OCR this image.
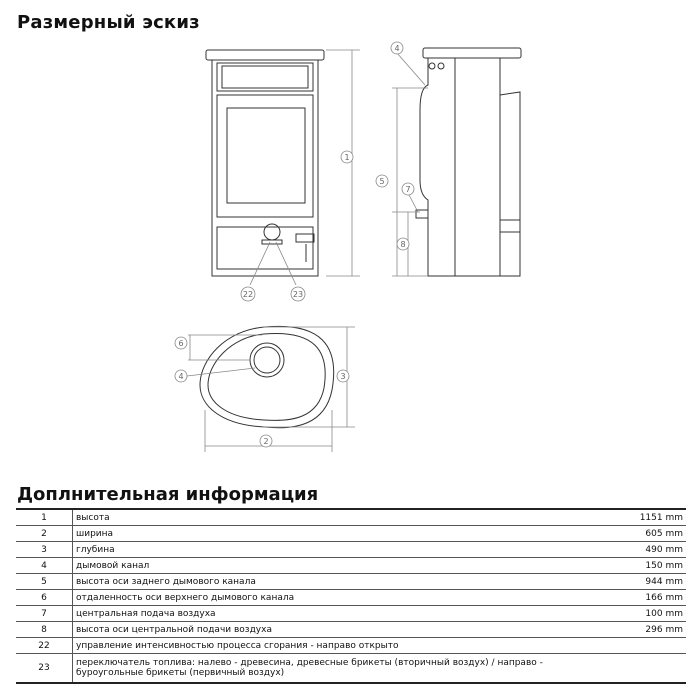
Размерный эскиз
1
22	23
4
5
7
8
6
4	3
2
Доплнительная информация
1	высота	1151 mm
2	ширина	605 mm
3	глубина	490 mm
4	дымовой канал	150 mm
5	высота оси заднего дымового канала	944 mm
6	отдаленность оси верхнего дымового канала	166 mm
7	центральная подача воздуха	100 mm
8	высота оси центральной подачи воздуха	296 mm
22	управление интенсивностью процесса сгорания - направо открыто	
23	переключатель топлива: налево - древесина, древесные брикеты (вторичный воздух) / направо - буроугольные брикеты (первичный воздух)	
